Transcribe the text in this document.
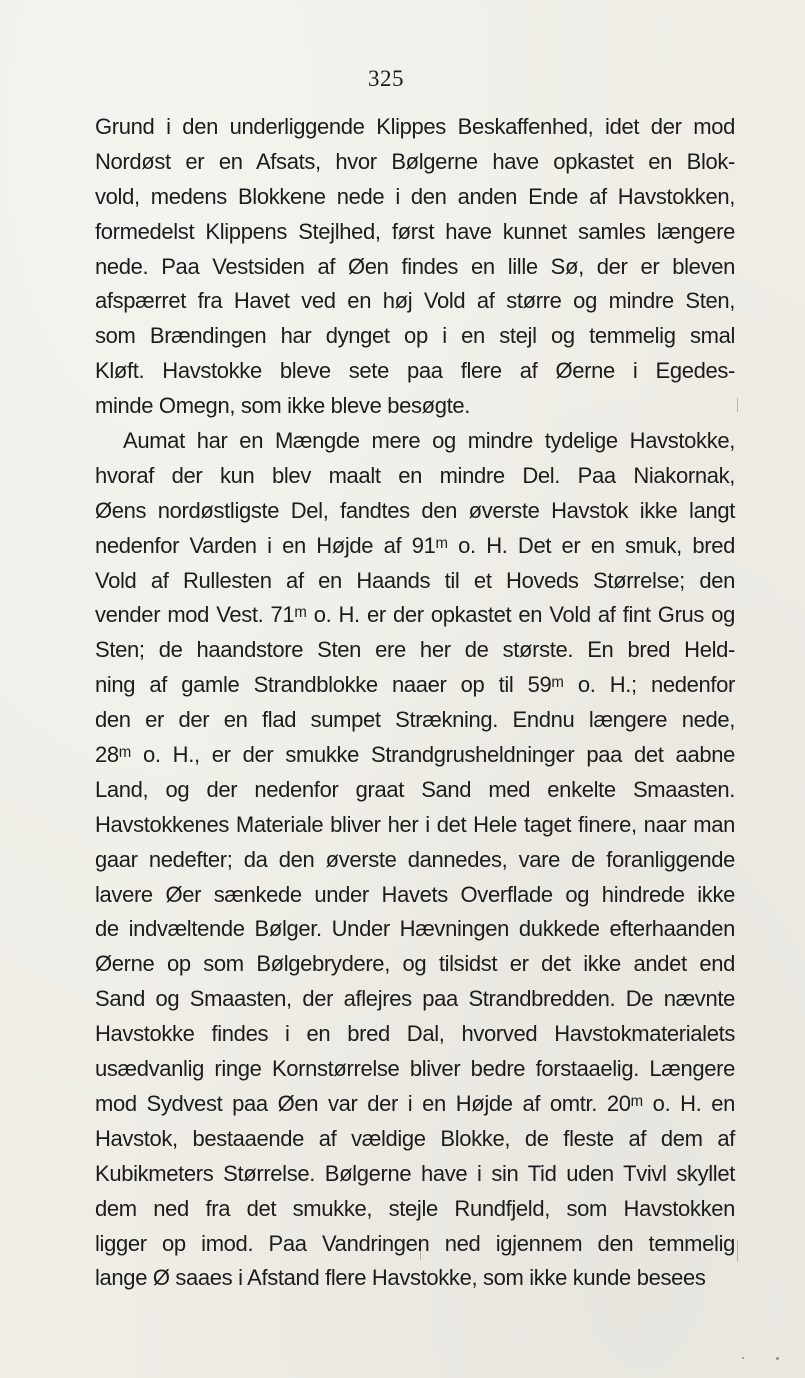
325
Grund i den underliggende Klippes Beskaffenhed, idet der mod
Nordøst er en Afsats, hvor Bølgerne have opkastet en Blok-
vold, medens Blokkene nede i den anden Ende af Havstokken,
formedelst Klippens Stejlhed, først have kunnet samles længere
nede. Paa Vestsiden af Øen findes en lille Sø, der er bleven
afspærret fra Havet ved en høj Vold af større og mindre Sten,
som Brændingen har dynget op i en stejl og temmelig smal
Kløft. Havstokke bleve sete paa flere af Øerne i Egedes-
minde Omegn, som ikke bleve besøgte.
Aumat har en Mængde mere og mindre tydelige Havstokke,
hvoraf der kun blev maalt en mindre Del. Paa Niakornak,
Øens nordøstligste Del, fandtes den øverste Havstok ikke langt
nedenfor Varden i en Højde af 91ᵐ o. H. Det er en smuk, bred
Vold af Rullesten af en Haands til et Hoveds Størrelse; den
vender mod Vest. 71ᵐ o. H. er der opkastet en Vold af fint Grus og
Sten; de haandstore Sten ere her de største. En bred Held-
ning af gamle Strandblokke naaer op til 59ᵐ o. H.; nedenfor
den er der en flad sumpet Strækning. Endnu længere nede,
28ᵐ o. H., er der smukke Strandgrusheldninger paa det aabne
Land, og der nedenfor graat Sand med enkelte Smaasten.
Havstokkenes Materiale bliver her i det Hele taget finere, naar man
gaar nedefter; da den øverste dannedes, vare de foranliggende
lavere Øer sænkede under Havets Overflade og hindrede ikke
de indvæltende Bølger. Under Hævningen dukkede efterhaanden
Øerne op som Bølgebrydere, og tilsidst er det ikke andet end
Sand og Smaasten, der aflejres paa Strandbredden. De nævnte
Havstokke findes i en bred Dal, hvorved Havstokmaterialets
usædvanlig ringe Kornstørrelse bliver bedre forstaaelig. Længere
mod Sydvest paa Øen var der i en Højde af omtr. 20ᵐ o. H. en
Havstok, bestaaende af vældige Blokke, de fleste af dem af
Kubikmeters Størrelse. Bølgerne have i sin Tid uden Tvivl skyllet
dem ned fra det smukke, stejle Rundfjeld, som Havstokken
ligger op imod. Paa Vandringen ned igjennem den temmelig
lange Ø saaes i Afstand flere Havstokke, som ikke kunde besees
